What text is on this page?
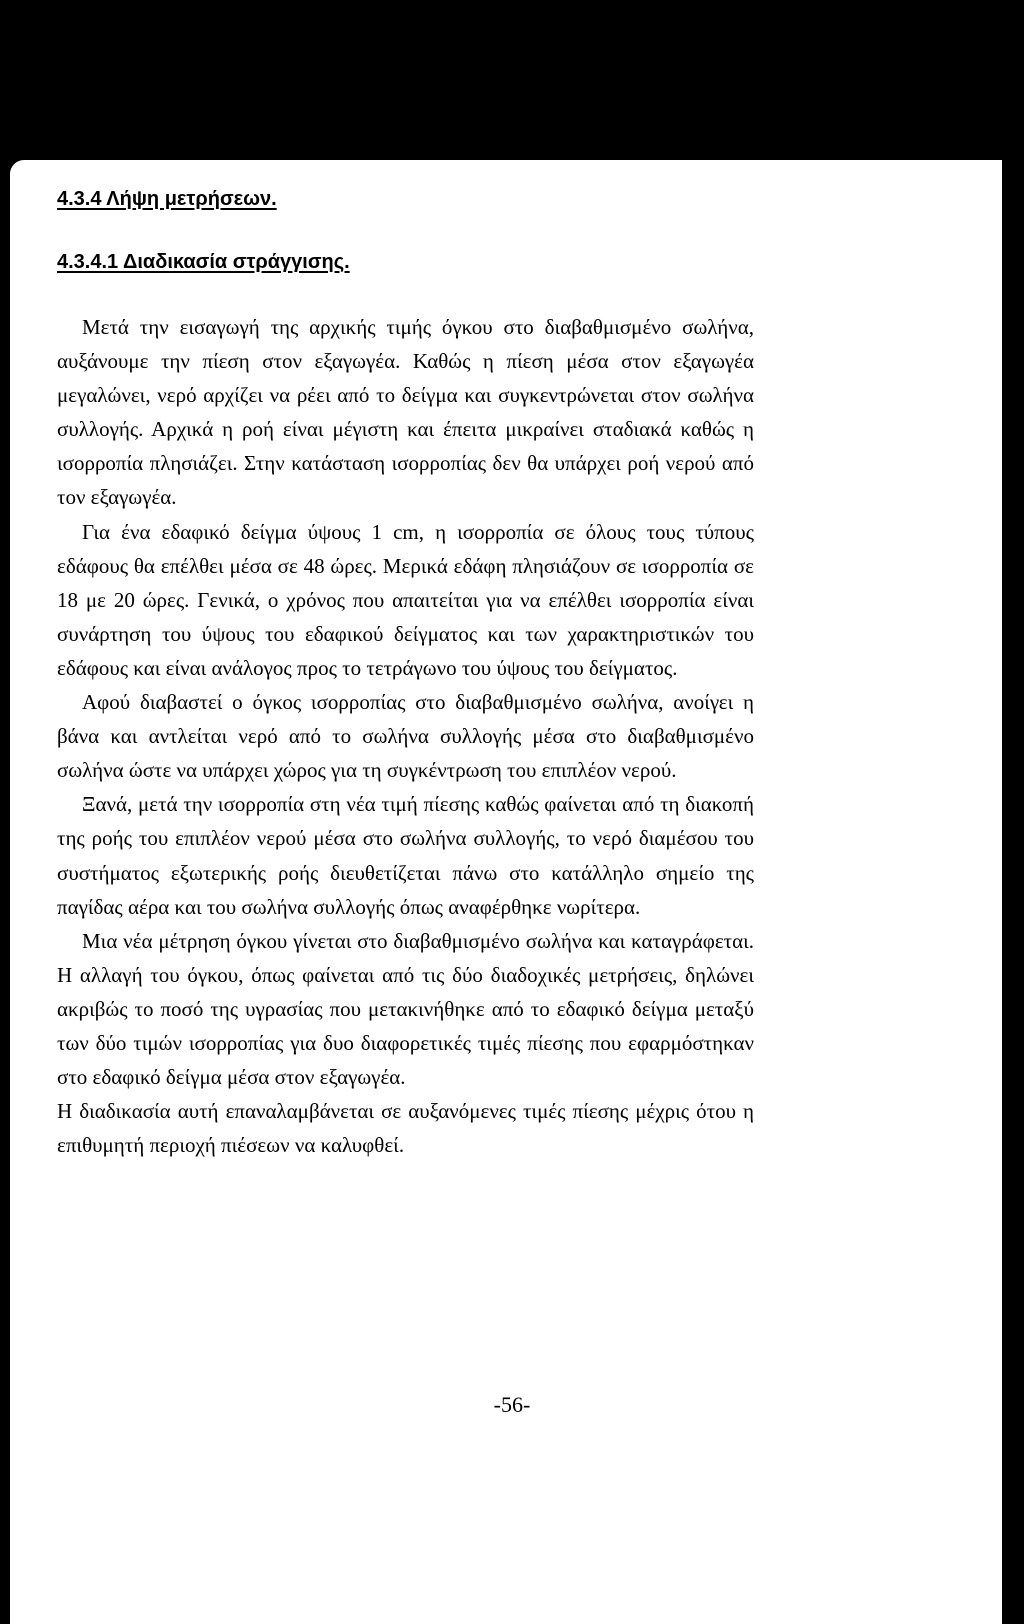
4.3.4 Λήψη μετρήσεων.
4.3.4.1 Διαδικασία στράγγισης.

Μετά την εισαγωγή της αρχικής τιμής όγκου στο διαβαθμισμένο σωλήνα, αυξάνουμε την πίεση στον εξαγωγέα. Καθώς η πίεση μέσα στον εξαγωγέα μεγαλώνει, νερό αρχίζει να ρέει από το δείγμα και συγκεντρώνεται στον σωλήνα συλλογής. Αρχικά η ροή είναι μέγιστη και έπειτα μικραίνει σταδιακά καθώς η ισορροπία πλησιάζει. Στην κατάσταση ισορροπίας δεν θα υπάρχει ροή νερού από τον εξαγωγέα.

Για ένα εδαφικό δείγμα ύψους 1 cm, η ισορροπία σε όλους τους τύπους εδάφους θα επέλθει μέσα σε 48 ώρες. Μερικά εδάφη πλησιάζουν σε ισορροπία σε 18 με 20 ώρες. Γενικά, ο χρόνος που απαιτείται για να επέλθει ισορροπία είναι συνάρτηση του ύψους του εδαφικού δείγματος και των χαρακτηριστικών του εδάφους και είναι ανάλογος προς το τετράγωνο του ύψους του δείγματος.

Αφού διαβαστεί ο όγκος ισορροπίας στο διαβαθμισμένο σωλήνα, ανοίγει η βάνα και αντλείται νερό από το σωλήνα συλλογής μέσα στο διαβαθμισμένο σωλήνα ώστε να υπάρχει χώρος για τη συγκέντρωση του επιπλέον νερού.

Ξανά, μετά την ισορροπία στη νέα τιμή πίεσης καθώς φαίνεται από τη διακοπή της ροής του επιπλέον νερού μέσα στο σωλήνα συλλογής, το νερό διαμέσου του συστήματος εξωτερικής ροής διευθετίζεται πάνω στο κατάλληλο σημείο της παγίδας αέρα και του σωλήνα συλλογής όπως αναφέρθηκε νωρίτερα.

Μια νέα μέτρηση όγκου γίνεται στο διαβαθμισμένο σωλήνα και καταγράφεται. Η αλλαγή του όγκου, όπως φαίνεται από τις δύο διαδοχικές μετρήσεις, δηλώνει ακριβώς το ποσό της υγρασίας που μετακινήθηκε από το εδαφικό δείγμα μεταξύ των δύο τιμών ισορροπίας για δυο διαφορετικές τιμές πίεσης που εφαρμόστηκαν στο εδαφικό δείγμα μέσα στον εξαγωγέα.

Η διαδικασία αυτή επαναλαμβάνεται σε αυξανόμενες τιμές πίεσης μέχρις ότου η επιθυμητή περιοχή πιέσεων να καλυφθεί.

-56-
